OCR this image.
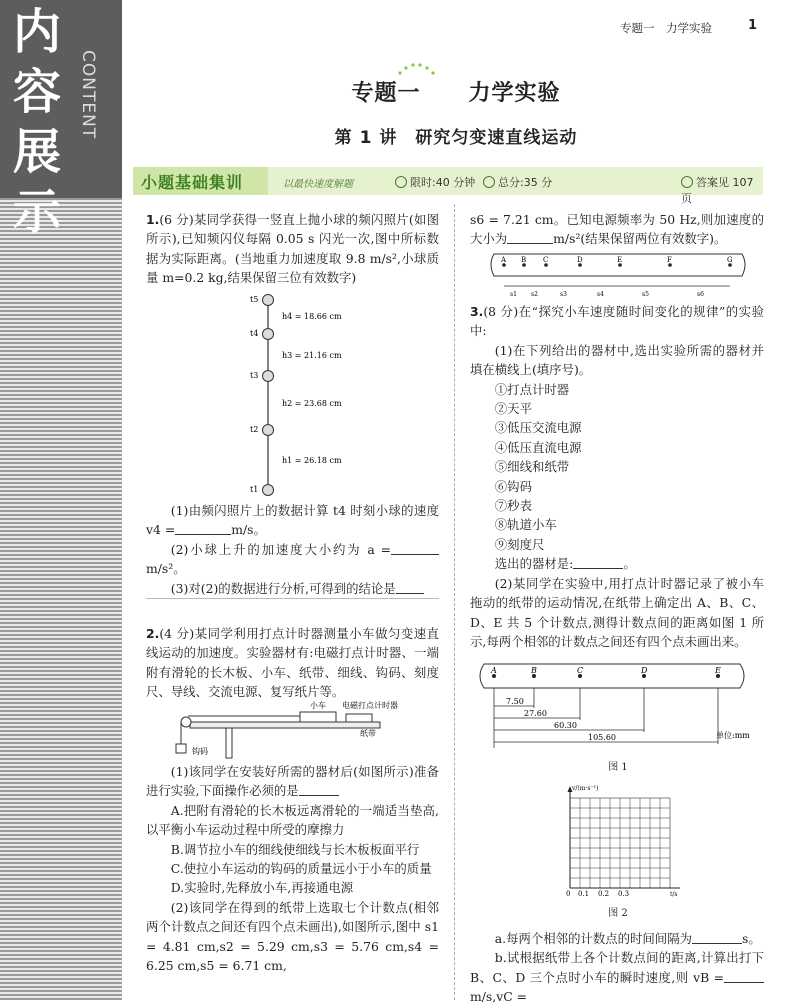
内容展示
CONTENT
专题一　力学实验	1
专题一 力学实验
第 1 讲　研究匀变速直线运动
小题基础集训	以最快速度解题	限时:40 分钟	总分:35 分	答案见 107 页

1.(6 分)某同学获得一竖直上抛小球的频闪照片(如图所示),已知频闪仪每隔 0.05 s 闪光一次,图中所标数据为实际距离。(当地重力加速度取 9.8 m/s²,小球质量 m=0.2 kg,结果保留三位有效数字)

t5
t4
t3
t2
t1
h4 = 18.66 cm
h3 = 21.16 cm
h2 = 23.68 cm
h1 = 26.18 cm

(1)由频闪照片上的数据计算 t4 时刻小球的速度 v4 =	m/s。

(2)小球上升的加速度大小约为 a =m/s²。

(3)对(2)的数据进行分析,可得到的结论是

2.(4 分)某同学利用打点计时器测量小车做匀变速直线运动的加速度。实验器材有:电磁打点计时器、一端附有滑轮的长木板、小车、纸带、细线、钩码、刻度尺、导线、交流电源、复写纸片等。

小车 电磁打点计时器
纸带
钩码

(1)该同学在安装好所需的器材后(如图所示)准备进行实验,下面操作必须的是

A.把附有滑轮的长木板远离滑轮的一端适当垫高,以平衡小车运动过程中所受的摩擦力

B.调节拉小车的细线使细线与长木板板面平行

C.使拉小车运动的钩码的质量远小于小车的质量

D.实验时,先释放小车,再接通电源

(2)该同学在得到的纸带上选取七个计数点(相邻两个计数点之间还有四个点未画出),如图所示,图中 s1 = 4.81 cm,s2 = 5.29 cm,s3 = 5.76 cm,s4 = 6.25 cm,s5 = 6.71 cm,

s6 = 7.21 cm。已知电源频率为 50 Hz,则加速度的大小为	m/s²(结果保留两位有效数字)。

A B C	D	E	F	G
s1 s2	s3	s4	s5	s6

3.(8 分)在“探究小车速度随时间变化的规律”的实验中:

(1)在下列给出的器材中,选出实验所需的器材并填在横线上(填序号)。

①打点计时器

②天平

③低压交流电源

④低压直流电源

⑤细线和纸带

⑥钩码

⑦秒表

⑧轨道小车

⑨刻度尺

选出的器材是:	。

(2)某同学在实验中,用打点计时器记录了被小车拖动的纸带的运动情况,在纸带上确定出 A、B、C、D、E 共 5 个计数点,测得计数点间的距离如图 1 所示,每两个相邻的计数点之间还有四个点未画出来。

A	B	C	D	E
7.50
27.60
60.30
105.60	单位:mm
图 1
v/(m·s⁻¹)
t/s
0 0.1 0.2 0.3
图 2

a.每两个相邻的计数点的时间间隔为	s。

b.试根据纸带上各个计数点间的距离,计算出打下 B、C、D 三个点时小车的瞬时速度,则 vB =m/s,vC =
